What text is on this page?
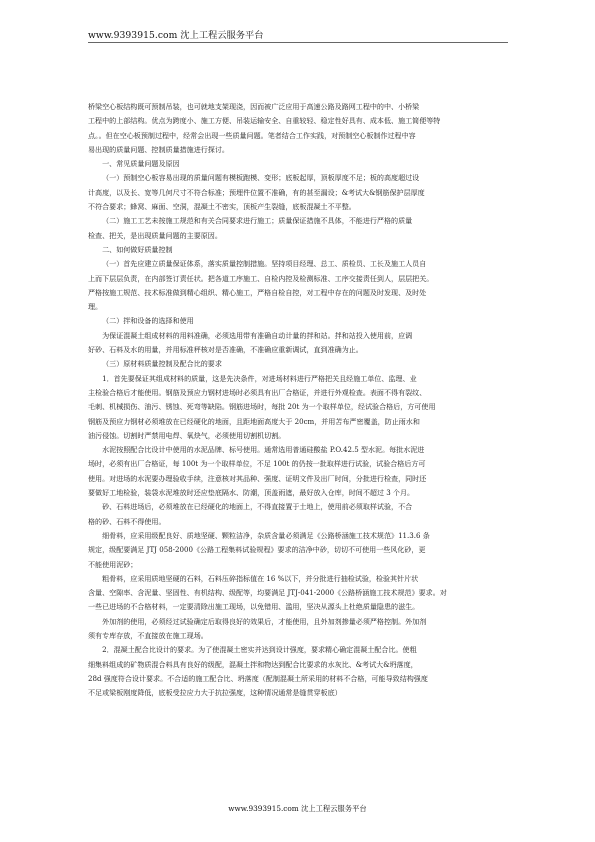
www.9393915.com 沈上工程云服务平台

桥梁空心板结构既可预制吊装，也可就地支架现浇，因而被广泛应用于高速公路及路网工程中的中、小桥梁

工程中的上部结构。优点为跨度小、施工方便、吊装运输安全、自重较轻、稳定性好具有、成本低、施工简便等特

点。。但在空心板预制过程中，经常会出现一些质量问题。笔者结合工作实践，对预制空心板制作过程中容

易出现的质量问题、控制质量措施进行探讨。

一、常见质量问题及原因

（一）预制空心板容易出现的质量问题有模板跑模、变形；底板起厚，顶板厚度不足；板的高度超过设

计高度，以及长、宽等几何尺寸不符合标准；预埋件位置不准确，有的甚至漏设；&考试大&钢筋保护层厚度

不符合要求；蜂窝、麻面、空洞，混凝土不密实，顶板产生裂缝，底板混凝土不平整。

（二）施工工艺未按施工规范和有关合同要求进行施工；质量保证措施不具体，不能进行严格的质量

检查、把关，是出现质量问题的主要原因。

二、如何做好质量控制

（一）首先应建立质量保证体系，落实质量控制措施。坚持项目经理、总工、质检员、工长及施工人员自

上而下层层负责，在内部签订责任状。把各道工序施工、自检内控及检测标准、工序交接责任到人，层层把关。

严格按施工规范、技术标准做到精心组织、精心施工，严格自检自控，对工程中存在的问题及时发现、及时处

理。

（二）拌和设备的选择和使用

为保证混凝土组成材料的用料准确，必须选用带有准确自动计量的拌和站。拌和站投入使用前，应调

好砂、石料及水的用量，并用标准秤核对是否准确，不准确应重新调试，直到准确为止。

（三）原材料质量控制及配合比的要求

1．首先要保证其组成材料的质量，这是先决条件，对进场材料进行严格把关且经施工单位、监理、业

主检验合格后才能使用。钢筋及预应力钢材进场时必须具有出厂合格证，并进行外观检查。表面不得有裂纹、

毛刺、机械损伤、油污、锈蚀、死弯等缺陷。钢筋进场时，每批 20t 为一个取样单位，经试验合格后，方可使用

钢筋及预应力钢材必须堆放在已经硬化的地面，且距地面高度大于 20cm，并用苫布严密覆盖，防止雨水和

油污侵蚀。切割时严禁用电焊、氧炔气，必须使用切割机切割。

水泥按照配合比设计中使用的水泥品牌、标号使用。通常选用普通硅酸盐 P.O.42.5 型水泥。每批水泥进

场时，必须有出厂合格证，每 100t 为一个取样单位，不足 100t 的仍按一批取样进行试验，试验合格后方可

使用。对进场的水泥要办理验收手续，注意核对其品种、强度、证明文件及出厂时间，分批进行检查，同时还

要做好工地检验，装袋水泥堆放时还应垫底隔水、防潮，顶盖雨遮，最好放入仓库，时间不超过 3 个月。

砂、石料进场后，必须堆放在已经硬化的地面上，不得直接置于土地上，使用前必须取样试验，不合

格的砂、石料不得使用。

细骨料，应采用级配良好、质地坚硬、颗粒洁净，杂质含量必须满足《公路桥涵施工技术规范》11.3.6 条

规定，级配要满足 JTJ 058-2000《公路工程集料试验规程》要求的洁净中砂，切切不可使用一些风化砂，更

不能使用泥砂；

粗骨料，应采用质地坚硬的石料，石料压碎指标值在 16 %以下，并分批进行抽检试验，检验其针片状

含量、空隙率、含泥量、坚固性、有机结构、级配等，均要满足 JTJ-041-2000《公路桥涵施工技术规范》要求。对

一些已进场的不合格材料，一定要清除出施工现场，以免错用、滥用，坚决从源头上杜绝质量隐患的滋生。

外加剂的使用，必须经过试验确定后取得良好的效果后，才能使用，且外加剂掺量必须严格控制。外加剂

须有专库存放，不直接放在施工现场。

2．混凝土配合比设计的要求。为了使混凝土密实并达到设计强度，要求精心确定混凝土配合比。使粗

细集料组成的矿物质混合料具有良好的级配，混凝土拌和物达到配合比要求的水灰比、&考试大&坍落度，

28d 强度符合设计要求。不合适的施工配合比、坍落度（配制混凝土所采用的材料不合格，可能导致结构强度

不足或梁板刚度降低，底板受拉应力大于抗拉强度，这种情况通常是缝贯穿板底）

www.9393915.com 沈上工程云服务平台
